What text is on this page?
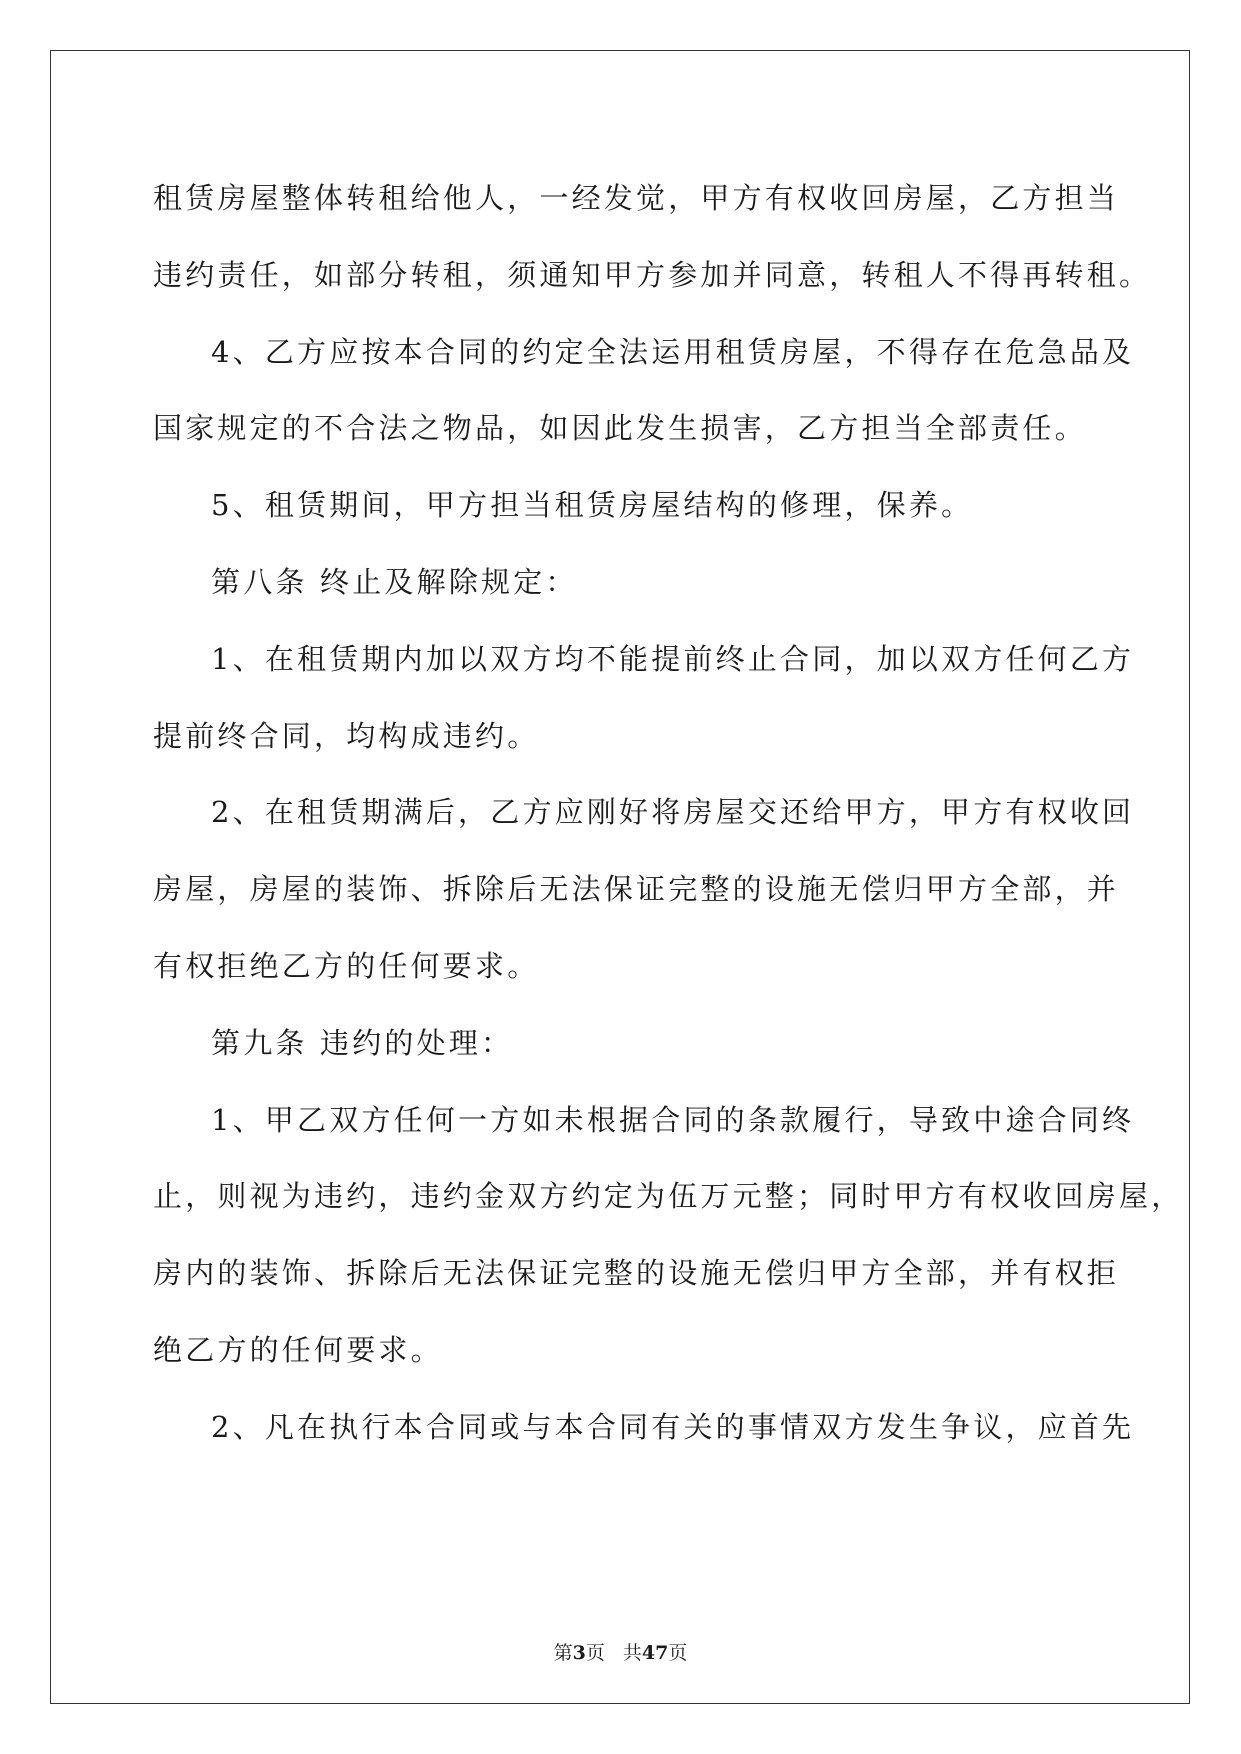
租赁房屋整体转租给他人，一经发觉，甲方有权收回房屋，乙方担当
违约责任，如部分转租，须通知甲方参加并同意，转租人不得再转租。
4、乙方应按本合同的约定全法运用租赁房屋，不得存在危急品及
国家规定的不合法之物品，如因此发生损害，乙方担当全部责任。
5、租赁期间，甲方担当租赁房屋结构的修理，保养。
第八条 终止及解除规定：
1、在租赁期内加以双方均不能提前终止合同，加以双方任何乙方
提前终合同，均构成违约。
2、在租赁期满后，乙方应刚好将房屋交还给甲方，甲方有权收回
房屋，房屋的装饰、拆除后无法保证完整的设施无偿归甲方全部，并
有权拒绝乙方的任何要求。
第九条 违约的处理：
1、甲乙双方任何一方如未根据合同的条款履行，导致中途合同终
止，则视为违约，违约金双方约定为伍万元整；同时甲方有权收回房屋，
房内的装饰、拆除后无法保证完整的设施无偿归甲方全部，并有权拒
绝乙方的任何要求。
2、凡在执行本合同或与本合同有关的事情双方发生争议，应首先
第3页 共47页
